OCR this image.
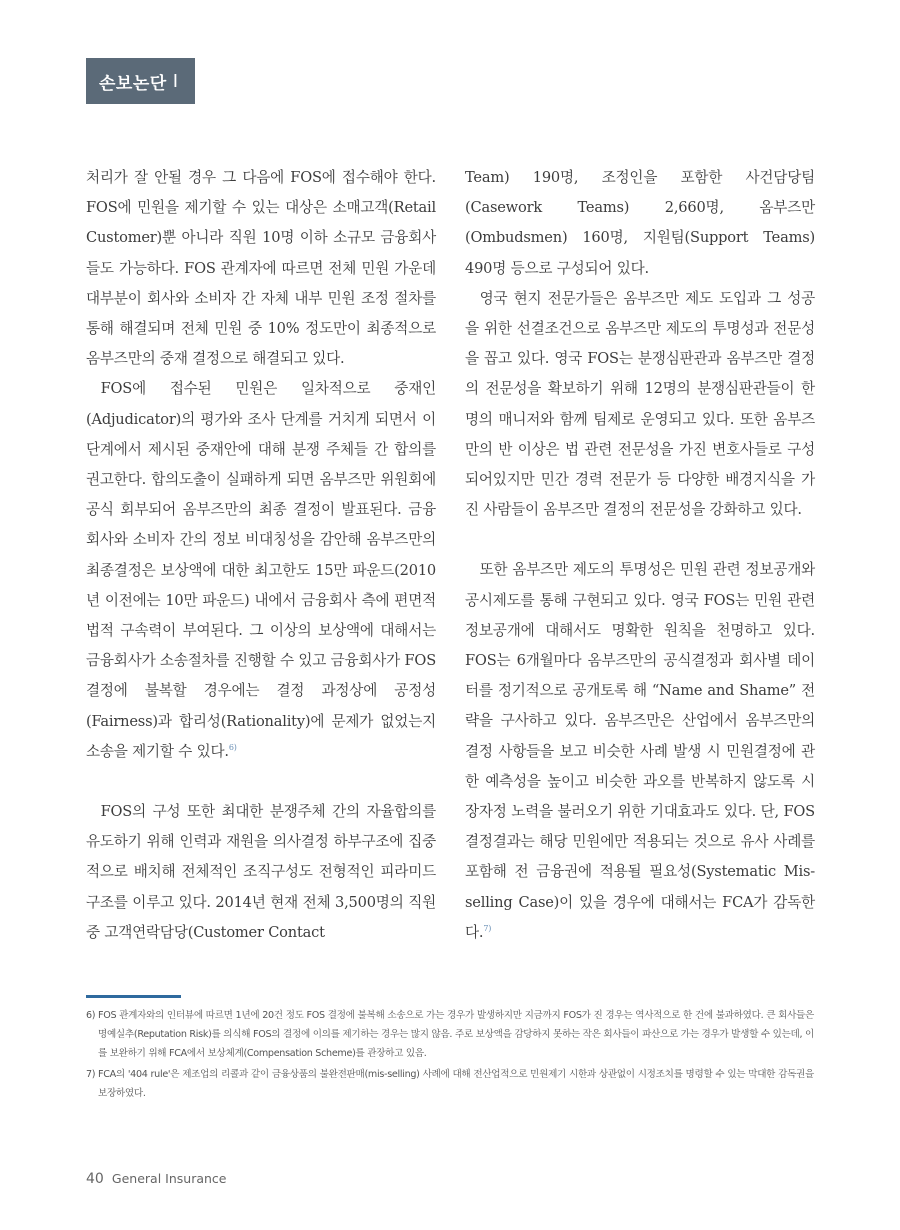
손보논단 Ⅰ

처리가 잘 안될 경우 그 다음에 FOS에 접수해야 한다. FOS에 민원을 제기할 수 있는 대상은 소매고객(Retail Customer)뿐 아니라 직원 10명 이하 소규모 금융회사들도 가능하다. FOS 관계자에 따르면 전체 민원 가운데 대부분이 회사와 소비자 간 자체 내부 민원 조정 절차를 통해 해결되며 전체 민원 중 10% 정도만이 최종적으로 옴부즈만의 중재 결정으로 해결되고 있다.

FOS에 접수된 민원은 일차적으로 중재인(Adjudicator)의 평가와 조사 단계를 거치게 되면서 이 단계에서 제시된 중재안에 대해 분쟁 주체들 간 합의를 권고한다. 합의도출이 실패하게 되면 옴부즈만 위원회에 공식 회부되어 옴부즈만의 최종 결정이 발표된다. 금융회사와 소비자 간의 정보 비대칭성을 감안해 옴부즈만의 최종결정은 보상액에 대한 최고한도 15만 파운드(2010년 이전에는 10만 파운드) 내에서 금융회사 측에 편면적 법적 구속력이 부여된다. 그 이상의 보상액에 대해서는 금융회사가 소송절차를 진행할 수 있고 금융회사가 FOS 결정에 불복할 경우에는 결정 과정상에 공정성(Fairness)과 합리성(Rationality)에 문제가 없었는지 소송을 제기할 수 있다.$^{6)}$

FOS의 구성 또한 최대한 분쟁주체 간의 자율합의를 유도하기 위해 인력과 재원을 의사결정 하부구조에 집중적으로 배치해 전체적인 조직구성도 전형적인 피라미드 구조를 이루고 있다. 2014년 현재 전체 3,500명의 직원 중 고객연락담당(Customer Contact

Team) 190명, 조정인을 포함한 사건담당팀(Casework Teams) 2,660명, 옴부즈만(Ombudsmen) 160명, 지원팀(Support Teams) 490명 등으로 구성되어 있다.

영국 현지 전문가들은 옴부즈만 제도 도입과 그 성공을 위한 선결조건으로 옴부즈만 제도의 투명성과 전문성을 꼽고 있다. 영국 FOS는 분쟁심판관과 옴부즈만 결정의 전문성을 확보하기 위해 12명의 분쟁심판관들이 한명의 매니저와 함께 팀제로 운영되고 있다. 또한 옴부즈만의 반 이상은 법 관련 전문성을 가진 변호사들로 구성되어있지만 민간 경력 전문가 등 다양한 배경지식을 가진 사람들이 옴부즈만 결정의 전문성을 강화하고 있다.

또한 옴부즈만 제도의 투명성은 민원 관련 정보공개와 공시제도를 통해 구현되고 있다. 영국 FOS는 민원 관련 정보공개에 대해서도 명확한 원칙을 천명하고 있다. FOS는 6개월마다 옴부즈만의 공식결정과 회사별 데이터를 정기적으로 공개토록 해 “Name and Shame” 전략을 구사하고 있다. 옴부즈만은 산업에서 옴부즈만의 결정 사항들을 보고 비슷한 사례 발생 시 민원결정에 관한 예측성을 높이고 비슷한 과오를 반복하지 않도록 시장자정 노력을 불러오기 위한 기대효과도 있다. 단, FOS 결정결과는 해당 민원에만 적용되는 것으로 유사 사례를 포함해 전 금융권에 적용될 필요성(Systematic Mis-selling Case)이 있을 경우에 대해서는 FCA가 감독한다.$^{7)}$

6) FOS 관계자와의 인터뷰에 따르면 1년에 20건 정도 FOS 결정에 불복해 소송으로 가는 경우가 발생하지만 지금까지 FOS가 진 경우는 역사적으로 한 건에 불과하였다. 큰 회사들은 명예실추(Reputation Risk)를 의식해 FOS의 결정에 이의를 제기하는 경우는 많지 않음. 주로 보상액을 감당하지 못하는 작은 회사들이 파산으로 가는 경우가 발생할 수 있는데, 이를 보완하기 위해 FCA에서 보상체계(Compensation Scheme)를 관장하고 있음.
7) FCA의 '404 rule'은 제조업의 리콜과 같이 금융상품의 불완전판매(mis-selling) 사례에 대해 전산업적으로 민원제기 시한과 상관없이 시정조치를 명령할 수 있는 막대한 감독권을 보장하였다.
40 General Insurance
